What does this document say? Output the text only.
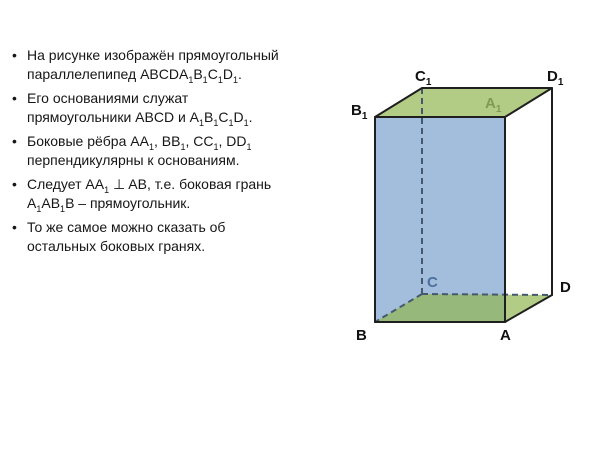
• На рисунке изображён прямоугольный
параллелепипед $ABCDA_1B_1C_1D_1$.
• Его основаниями служат
прямоугольники ABCD и $A_1B_1C_1D_1$.
• Боковые рёбра $AA_1$, $BB_1$, $CC_1$, $DD_1$
перпендикулярны к основаниям.
• Следует $AA_1$ ⊥ AB, т.е. боковая грань
$A_1AB_1B$ – прямоугольник.
• То же самое можно сказать об
остальных боковых гранях.
$B_1$
$C_1$	$D_1$
$A_1$
B	A
C	D
